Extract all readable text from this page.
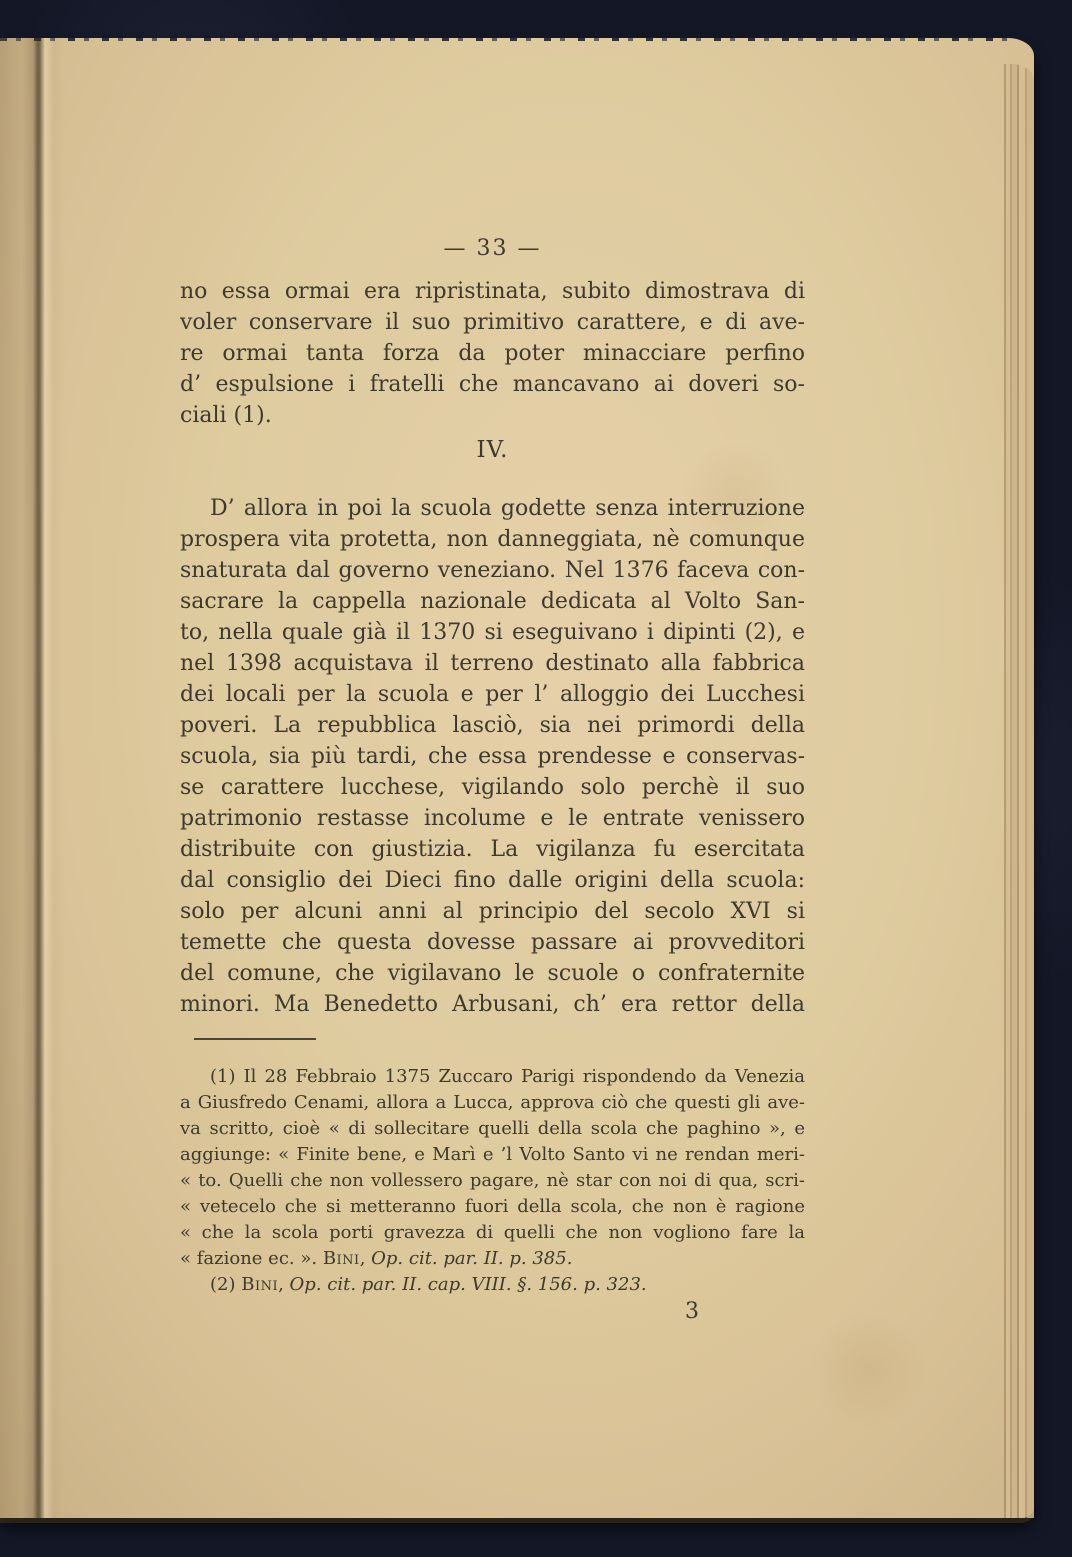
— 33 —
no essa ormai era ripristinata, subito dimostrava di
voler conservare il suo primitivo carattere, e di ave-
re ormai tanta forza da poter minacciare perfino
d’ espulsione i fratelli che mancavano ai doveri so-
ciali (1).
IV.
D’ allora in poi la scuola godette senza interruzione
prospera vita protetta, non danneggiata, nè comunque
snaturata dal governo veneziano. Nel 1376 faceva con-
sacrare la cappella nazionale dedicata al Volto San-
to, nella quale già il 1370 si eseguivano i dipinti (2), e
nel 1398 acquistava il terreno destinato alla fabbrica
dei locali per la scuola e per l’ alloggio dei Lucchesi
poveri. La repubblica lasciò, sia nei primordi della
scuola, sia più tardi, che essa prendesse e conservas-
se carattere lucchese, vigilando solo perchè il suo
patrimonio restasse incolume e le entrate venissero
distribuite con giustizia. La vigilanza fu esercitata
dal consiglio dei Dieci fino dalle origini della scuola:
solo per alcuni anni al principio del secolo XVI si
temette che questa dovesse passare ai provveditori
del comune, che vigilavano le scuole o confraternite
minori. Ma Benedetto Arbusani, ch’ era rettor della
(1) Il 28 Febbraio 1375 Zuccaro Parigi rispondendo da Venezia
a Giusfredo Cenami, allora a Lucca, approva ciò che questi gli ave-
va scritto, cioè « di sollecitare quelli della scola che paghino », e
aggiunge: « Finite bene, e Marì e ’l Volto Santo vi ne rendan meri-
« to. Quelli che non vollessero pagare, nè star con noi di qua, scri-
« vetecelo che si metteranno fuori della scola, che non è ragione
« che la scola porti gravezza di quelli che non vogliono fare la
« fazione ec. ». Bini, Op. cit. par. II. p. 385.
(2) Bini, Op. cit. par. II. cap. VIII. §. 156. p. 323.
3
